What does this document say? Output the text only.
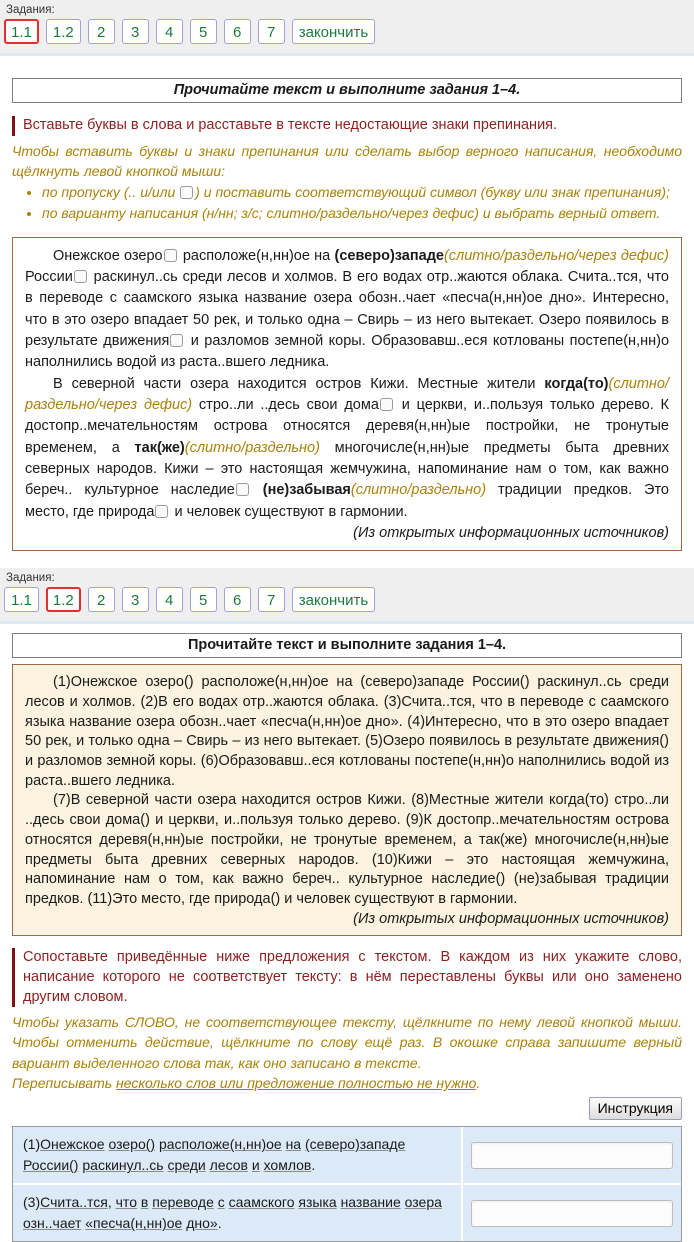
Задания:
1.1	1.2	2	3	4	5	6	7	закончить
Прочитайте текст и выполните задания 1–4.
Вставьте буквы в слова и расставьте в тексте недостающие знаки препинания.
Чтобы вставить буквы и знаки препинания или сделать выбор верного написания, необходимо щёлкнуть левой кнопкой мыши:
• по пропуску (.. и/или ) и поставить соответствующий символ (букву или знак препинания);
• по варианту написания (н/нн; з/с; слитно/раздельно/через дефис) и выбрать верный ответ.

Онежское озеро расположе(н,нн)ое на (северо)западе(слитно/раздельно/через дефис) России раскинул..сь среди лесов и холмов. В его водах отр..жаются облака. Счита..тся, что в переводе с саамского языка название озера обозн..чает «песча(н,нн)ое дно». Интересно, что в это озеро впадает 50 рек, и только одна – Свирь – из него вытекает. Озеро появилось в результате движения и разломов земной коры. Образовавш..еся котлованы постепе(н,нн)о наполнились водой из раста..вшего ледника.

В северной части озера находится остров Кижи. Местные жители когда(то)(слитно/раздельно/через дефис) стро..ли ..десь свои дома и церкви, и..пользуя только дерево. К достопр..мечательностям острова относятся деревя(н,нн)ые постройки, не тронутые временем, а так(же)(слитно/раздельно) многочисле(н,нн)ые предметы быта древних северных народов. Кижи – это настоящая жемчужина, напоминание нам о том, как важно береч.. культурное наследие (не)забывая(слитно/раздельно) традиции предков. Это место, где природа и человек существуют в гармонии.

(Из открытых информационных источников)

Задания:
1.1	1.2	2	3	4	5	6	7	закончить
Прочитайте текст и выполните задания 1–4.

(1)Онежское озеро() расположе(н,нн)ое на (северо)западе России() раскинул..сь среди лесов и холмов. (2)В его водах отр..жаются облака. (3)Счита..тся, что в переводе с саамского языка название озера обозн..чает «песча(н,нн)ое дно». (4)Интересно, что в это озеро впадает 50 рек, и только одна – Свирь – из него вытекает. (5)Озеро появилось в результате движения() и разломов земной коры. (6)Образовавш..еся котлованы постепе(н,нн)о наполнились водой из раста..вшего ледника.

(7)В северной части озера находится остров Кижи. (8)Местные жители когда(то) стро..ли ..десь свои дома() и церкви, и..пользуя только дерево. (9)К достопр..мечательностям острова относятся деревя(н,нн)ые постройки, не тронутые временем, а так(же) многочисле(н,нн)ые предметы быта древних северных народов. (10)Кижи – это настоящая жемчужина, напоминание нам о том, как важно береч.. культурное наследие() (не)забывая традиции предков. (11)Это место, где природа() и человек существуют в гармонии.

(Из открытых информационных источников)

Сопоставьте приведённые ниже предложения с текстом. В каждом из них укажите слово, написание которого не соответствует тексту: в нём переставлены буквы или оно заменено другим словом.
Чтобы указать СЛОВО, не соответствующее тексту, щёлкните по нему левой кнопкой мыши. Чтобы отменить действие, щёлкните по слову ещё раз. В окошке справа запишите верный вариант выделенного слова так, как оно записано в тексте.
Переписывать несколько слов или предложение полностью не нужно.
Инструкция
(1)Онежское озеро() расположе(н,нн)ое на (северо)западе России() раскинул..сь среди лесов и хомлов.
(3)Счита..тся, что в переводе с саамского языка название озера озн..чает «песча(н,нн)ое дно».
